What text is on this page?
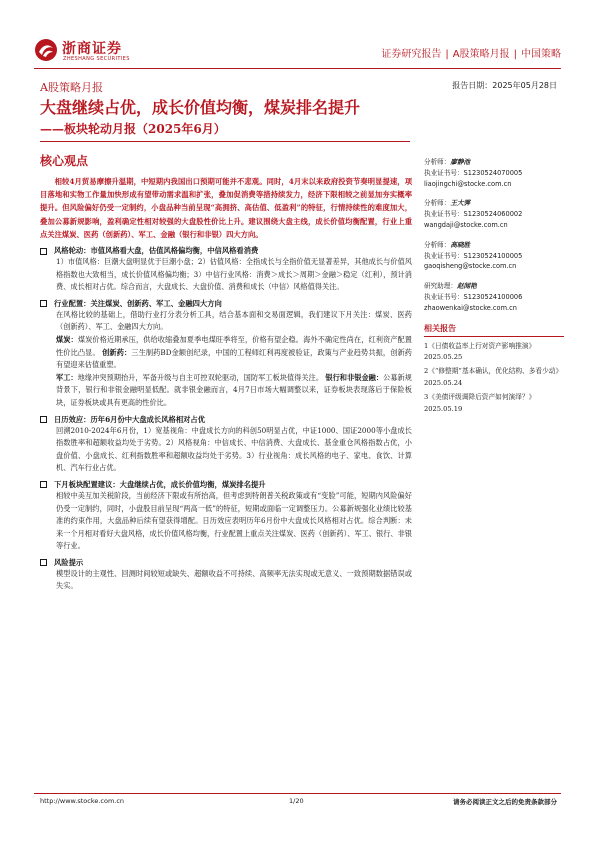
浙商证券
ZHESHANG SECURITIES	证券研究报告 | A股策略月报 | 中国策略
A股策略月报	报告日期：2025年05月28日
大盘继续占优，成长价值均衡，煤炭排名提升
——板块轮动月报（2025年6月）
核心观点

相较4月贸易摩擦升温期，中短期内我国出口预期可能并不悲观。同时，4月末以来政府投资节奏明显提速，项目落地和实物工作量加快形成有望带动需求温和扩张，叠加促消费等措持续发力，经济下限相较之前显加夯实概率提升。但风险偏好仍受一定制约，小盘品种当前呈现“高拥挤、高估值、低盈利”的特征，行情持续性的难度加大，叠加公募新规影响，盈利确定性相对较强的大盘股性价比上升。建议围绕大盘主线，成长价值均衡配置，行业上重点关注煤炭、医药（创新药）、军工、金融（银行和非银）四大方向。

风格轮动：市值风格看大盘，估值风格偏均衡，中信风格看消费

1）市值风格：巨潮大盘明显优于巨潮小盘；2）估值风格：全指成长与全指价值无显著差异，其他成长与价值风格指数也大致相当，成长价值风格偏均衡；3）中信行业风格：消费＞成长＞周期＞金融＞稳定（红利），预计消费、成长相对占优。综合而言，大盘成长、大盘价值、消费和成长（中信）风格值得关注。

行业配置：关注煤炭、创新药、军工、金融四大方向
在风格比较的基础上，借助行业打分表分析工具，结合基本面和交易面逻辑，我们建议下月关注：煤炭、医药（创新药）、军工、金融四大方向。
煤炭：煤炭价格近期承压，供给收缩叠加夏季电煤旺季将至，价格有望企稳。海外不确定性尚在，红利资产配置性价比凸显。 创新药：三生制药BD金额创纪录，中国的工程师红利再度被验证，政策与产业趋势共振，创新药有望迎来估值重塑。
军工：地缘冲突预期抬升，军备升级与自主可控双轮驱动，国防军工板块值得关注。 银行和非银金融：公募新规背景下，银行和非银金融明显低配。就非银金融而言，4月7日市场大幅调整以来，证券板块表现落后于保险板块，证券板块或具有更高的性价比。
日历效应：历年6月份中大盘成长风格相对占优

回溯2010-2024年6月份，1）宽基视角：中盘成长方向的科创50明显占优，中证1000、国证2000等小盘成长指数胜率和超额收益均处于劣势。2）风格视角：中信成长、中信消费、大盘成长、基金重仓风格指数占优，小盘价值、小盘成长、红利指数胜率和超额收益均处于劣势。3）行业视角：成长风格的电子、家电、食饮、计算机、汽车行业占优。

下月板块配置建议：大盘继续占优，成长价值均衡，煤炭排名提升

相较中美互加关税阶段，当前经济下限或有所抬高，但考虑到特朗普关税政策或有“变脸”可能，短期内风险偏好仍受一定制约，同时，小盘股目前呈现“两高一低”的特征，短期或面临一定调整压力。公募新规强化业绩比较基准的约束作用，大盘品种后续有望获得增配。日历效应表明历年6月份中大盘成长风格相对占优。综合判断：未来一个月相对看好大盘风格，成长价值风格均衡，行业配置上重点关注煤炭、医药（创新药）、军工、银行、非银等行业。

风险提示

模型设计的主观性、回测时间较短或缺失、超额收益不可持续、高频率无法实现或无意义、一致预期数据错误或失实。

分析师：廖静池
执业证书号：S1230524070005
liaojingchi@stocke.com.cn
分析师：王大霁
执业证书号：S1230524060002
wangdaji@stocke.com.cn
分析师：高晓胜
执业证书号：S1230524100005
gaoqisheng@stocke.com.cn
研究助理：赵闻艳
执业证书号：S1230524100006
zhaowenkai@stocke.com.cn
相关报告
1《日债收益率上行对资产影响推演》 2025.05.25
2《“修整期”基本确认，优化结构、多看少动》 2025.05.24
3《美债评级调降后资产如何演绎？》 2025.05.19
http://www.stocke.com.cn	1/20	请务必阅读正文之后的免责条款部分
